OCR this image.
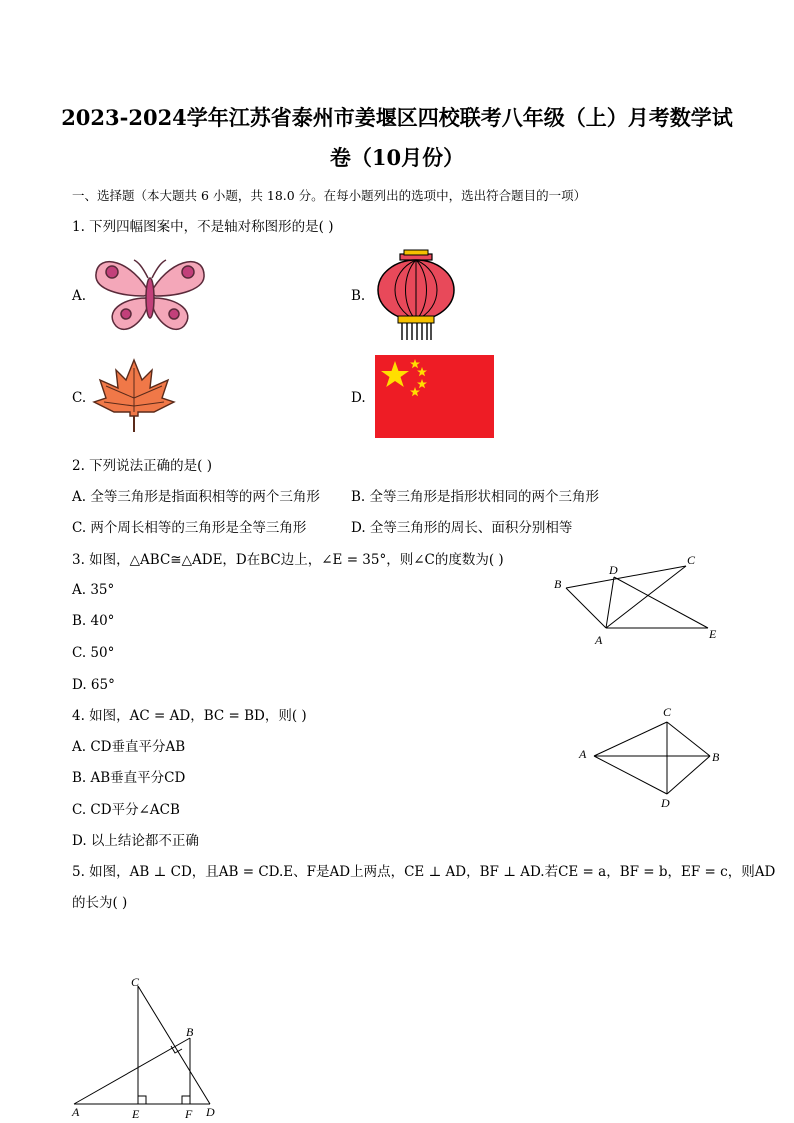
2023-2024学年江苏省泰州市姜堰区四校联考八年级（上）月考数学试
卷（10月份）
一、选择题（本大题共 6 小题，共 18.0 分。在每小题列出的选项中，选出符合题目的一项）
1. 下列四幅图案中，不是轴对称图形的是( )
A.	B.
C.	D.
2. 下列说法正确的是( )
A. 全等三角形是指面积相等的两个三角形 B. 全等三角形是指形状相同的两个三角形
C. 两个周长相等的三角形是全等三角形	D. 全等三角形的周长、面积分别相等
3. 如图，△ABC≅△ADE，D在BC边上，∠E = 35°，则∠C的度数为( )
A. 35°
B. 40°
C. 50°
D. 65°
B
D
C
A	E
4. 如图，AC = AD，BC = BD，则( )
A. CD垂直平分AB
B. AB垂直平分CD
C. CD平分∠ACB
D. 以上结论都不正确
C
A	B
D
5. 如图，AB ⊥ CD，且AB = CD.E、F是AD上两点，CE ⊥ AD，BF ⊥ AD.若CE = a，BF = b，EF = c，则AD
的长为( )
C
B
A	E	F D
